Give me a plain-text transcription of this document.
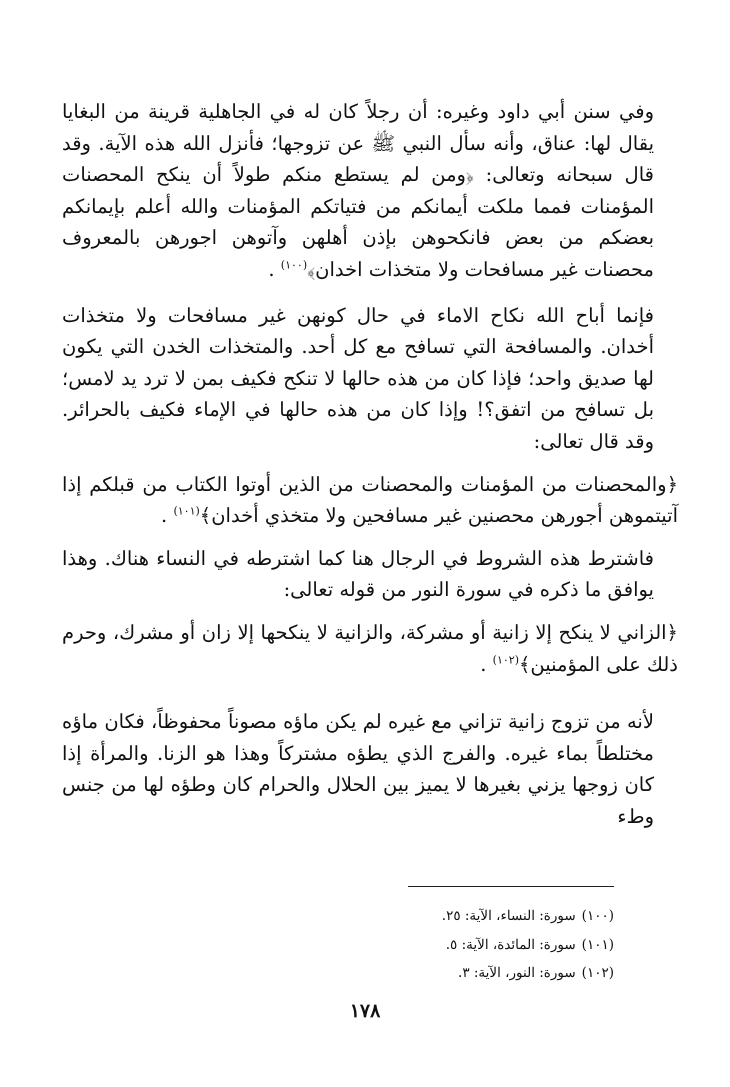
وفي سنن أبي داود وغيره: أن رجلاً كان له في الجاهلية قرينة من البغايا يقال لها: عناق، وأنه سأل النبي ﷺ عن تزوجها؛ فأنزل الله هذه الآية. وقد قال سبحانه وتعالى: ﴿ومن لم يستطع منكم طولاً أن ينكح المحصنات المؤمنات فمما ملكت أيمانكم من فتياتكم المؤمنات والله أعلم بإيمانكم بعضكم من بعض فانكحوهن بإذن أهلهن وآتوهن اجورهن بالمعروف محصنات غير مسافحات ولا متخذات اخدان﴾$^{(١٠٠)}$ .

فإنما أباح الله نكاح الاماء في حال كونهن غير مسافحات ولا متخذات أخدان. والمسافحة التي تسافح مع كل أحد. والمتخذات الخدن التي يكون لها صديق واحد؛ فإذا كان من هذه حالها لا تنكح فكيف بمن لا ترد يد لامس؛ بل تسافح من اتفق؟! وإذا كان من هذه حالها في الإماء فكيف بالحرائر. وقد قال تعالى:

﴿والمحصنات من المؤمنات والمحصنات من الذين أوتوا الكتاب من قبلكم إذا آتيتموهن أجورهن محصنين غير مسافحين ولا متخذي أخدان﴾$^{(١٠١)}$ .

فاشترط هذه الشروط في الرجال هنا كما اشترطه في النساء هناك. وهذا يوافق ما ذكره في سورة النور من قوله تعالى:

﴿الزاني لا ينكح إلا زانية أو مشركة، والزانية لا ينكحها إلا زان أو مشرك، وحرم ذلك على المؤمنين﴾$^{(١٠٢)}$ .

لأنه من تزوج زانية تزاني مع غيره لم يكن ماؤه مصوناً محفوظاً، فكان ماؤه مختلطاً بماء غيره. والفرج الذي يطؤه مشتركاً وهذا هو الزنا. والمرأة إذا كان زوجها يزني بغيرها لا يميز بين الحلال والحرام كان وطؤه لها من جنس وطء

(١٠٠)سورة: النساء، الآية: ٢٥.
(١٠١)سورة: المائدة، الآية: ٥.
(١٠٢)سورة: النور، الآية: ٣.
١٧٨
